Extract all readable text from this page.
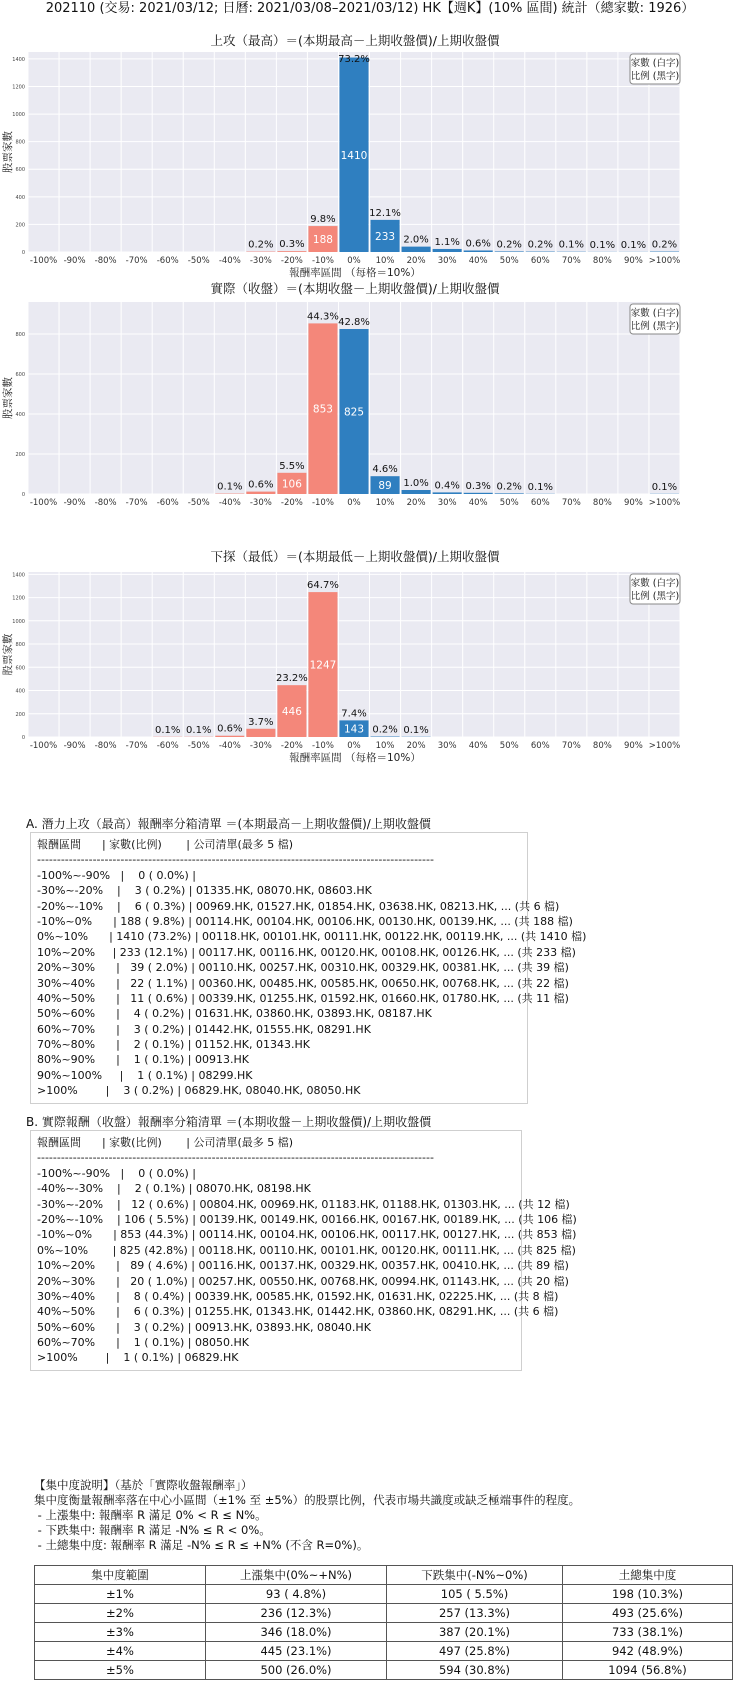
202110 (交易: 2021/03/12; 日曆: 2021/03/08–2021/03/12) HK【週K】(10% 區間) 統計（總家數: 1926）
上攻（最高）＝(本期最高－上期收盤價)/上期收盤價
0
200
400
600
800
1000
1200
1400
股票家數
-100% -90% -80% -70% -60% -50% -40%
0.2%
-30%
0.3%
-20%
188
9.8%
-10%
1410
73.2%
0%
233
12.1%
10%
2.0%
20%
1.1%
30%
0.6%
40%
0.2%
50%
0.2%
60%
0.1%
70%
0.1%
80%
0.1%
90%
0.2%
>100%
報酬率區間 （每格＝10%）
家數 (白字)
比例 (黑字)
實際（收盤）＝(本期收盤－上期收盤價)/上期收盤價
0
200
400
600
800
股票家數
-100% -90% -80% -70% -60% -50%
0.1%
-40%
0.6%
-30%
106
5.5%
-20%
853
44.3%
-10%
825
42.8%
0%
89
4.6%
10%
1.0%
20%
0.4%
30%
0.3%
40%
0.2%
50%
0.1%
60% 70% 80% 90%
0.1%
>100%
家數 (白字)
比例 (黑字)
下探（最低）＝(本期最低－上期收盤價)/上期收盤價
0
200
400
600
800
1000
1200
1400
股票家數
-100% -90% -80% -70%
0.1%
-60%
0.1%
-50%
0.6%
-40%
3.7%
-30%
446
23.2%
-20%
1247
64.7%
-10%
143
7.4%
0%
0.2%
10%
0.1%
20% 30% 40% 50% 60% 70% 80% 90% >100%
報酬率區間 （每格＝10%）
家數 (白字)
比例 (黑字)
A. 潛力上攻（最高）報酬率分箱清單 ＝(本期最高－上期收盤價)/上期收盤價
報酬區間      | 家數(比例)       | 公司清單(最多 5 檔)
----------------------------------------------------------------------------------------------------
-100%~-90%   |    0 ( 0.0%) |
-30%~-20%    |    3 ( 0.2%) | 01335.HK, 08070.HK, 08603.HK
-20%~-10%    |    6 ( 0.3%) | 00969.HK, 01527.HK, 01854.HK, 03638.HK, 08213.HK, ... (共 6 檔)
-10%~0%      | 188 ( 9.8%) | 00114.HK, 00104.HK, 00106.HK, 00130.HK, 00139.HK, ... (共 188 檔)
0%~10%      | 1410 (73.2%) | 00118.HK, 00101.HK, 00111.HK, 00122.HK, 00119.HK, ... (共 1410 檔)
10%~20%     | 233 (12.1%) | 00117.HK, 00116.HK, 00120.HK, 00108.HK, 00126.HK, ... (共 233 檔)
20%~30%      |   39 ( 2.0%) | 00110.HK, 00257.HK, 00310.HK, 00329.HK, 00381.HK, ... (共 39 檔)
30%~40%      |   22 ( 1.1%) | 00360.HK, 00485.HK, 00585.HK, 00650.HK, 00768.HK, ... (共 22 檔)
40%~50%      |   11 ( 0.6%) | 00339.HK, 01255.HK, 01592.HK, 01660.HK, 01780.HK, ... (共 11 檔)
50%~60%      |    4 ( 0.2%) | 01631.HK, 03860.HK, 03893.HK, 08187.HK
60%~70%      |    3 ( 0.2%) | 01442.HK, 01555.HK, 08291.HK
70%~80%      |    2 ( 0.1%) | 01152.HK, 01343.HK
80%~90%      |    1 ( 0.1%) | 00913.HK
90%~100%     |    1 ( 0.1%) | 08299.HK
>100%        |    3 ( 0.2%) | 06829.HK, 08040.HK, 08050.HK
B. 實際報酬（收盤）報酬率分箱清單 ＝(本期收盤－上期收盤價)/上期收盤價
報酬區間      | 家數(比例)       | 公司清單(最多 5 檔)
----------------------------------------------------------------------------------------------------
-100%~-90%   |    0 ( 0.0%) |
-40%~-30%    |    2 ( 0.1%) | 08070.HK, 08198.HK
-30%~-20%    |   12 ( 0.6%) | 00804.HK, 00969.HK, 01183.HK, 01188.HK, 01303.HK, ... (共 12 檔)
-20%~-10%    | 106 ( 5.5%) | 00139.HK, 00149.HK, 00166.HK, 00167.HK, 00189.HK, ... (共 106 檔)
-10%~0%      | 853 (44.3%) | 00114.HK, 00104.HK, 00106.HK, 00117.HK, 00127.HK, ... (共 853 檔)
0%~10%       | 825 (42.8%) | 00118.HK, 00110.HK, 00101.HK, 00120.HK, 00111.HK, ... (共 825 檔)
10%~20%      |   89 ( 4.6%) | 00116.HK, 00137.HK, 00329.HK, 00357.HK, 00410.HK, ... (共 89 檔)
20%~30%      |   20 ( 1.0%) | 00257.HK, 00550.HK, 00768.HK, 00994.HK, 01143.HK, ... (共 20 檔)
30%~40%      |    8 ( 0.4%) | 00339.HK, 00585.HK, 01592.HK, 01631.HK, 02225.HK, ... (共 8 檔)
40%~50%      |    6 ( 0.3%) | 01255.HK, 01343.HK, 01442.HK, 03860.HK, 08291.HK, ... (共 6 檔)
50%~60%      |    3 ( 0.2%) | 00913.HK, 03893.HK, 08040.HK
60%~70%      |    1 ( 0.1%) | 08050.HK
>100%        |    1 ( 0.1%) | 06829.HK
【集中度說明】（基於「實際收盤報酬率」）
集中度衡量報酬率落在中心小區間（±1% 至 ±5%）的股票比例，代表市場共識度或缺乏極端事件的程度。
- 上漲集中: 報酬率 R 滿足 0% < R ≤ N%。
- 下跌集中: 報酬率 R 滿足 -N% ≤ R < 0%。
- 土總集中度: 報酬率 R 滿足 -N% ≤ R ≤ +N% (不含 R=0%)。
集中度範圍	上漲集中(0%~+N%)	下跌集中(-N%~0%)	土總集中度
±1%	93 ( 4.8%)	105 ( 5.5%)	198 (10.3%)
±2%	236 (12.3%)	257 (13.3%)	493 (25.6%)
±3%	346 (18.0%)	387 (20.1%)	733 (38.1%)
±4%	445 (23.1%)	497 (25.8%)	942 (48.9%)
±5%	500 (26.0%)	594 (30.8%)	1094 (56.8%)
